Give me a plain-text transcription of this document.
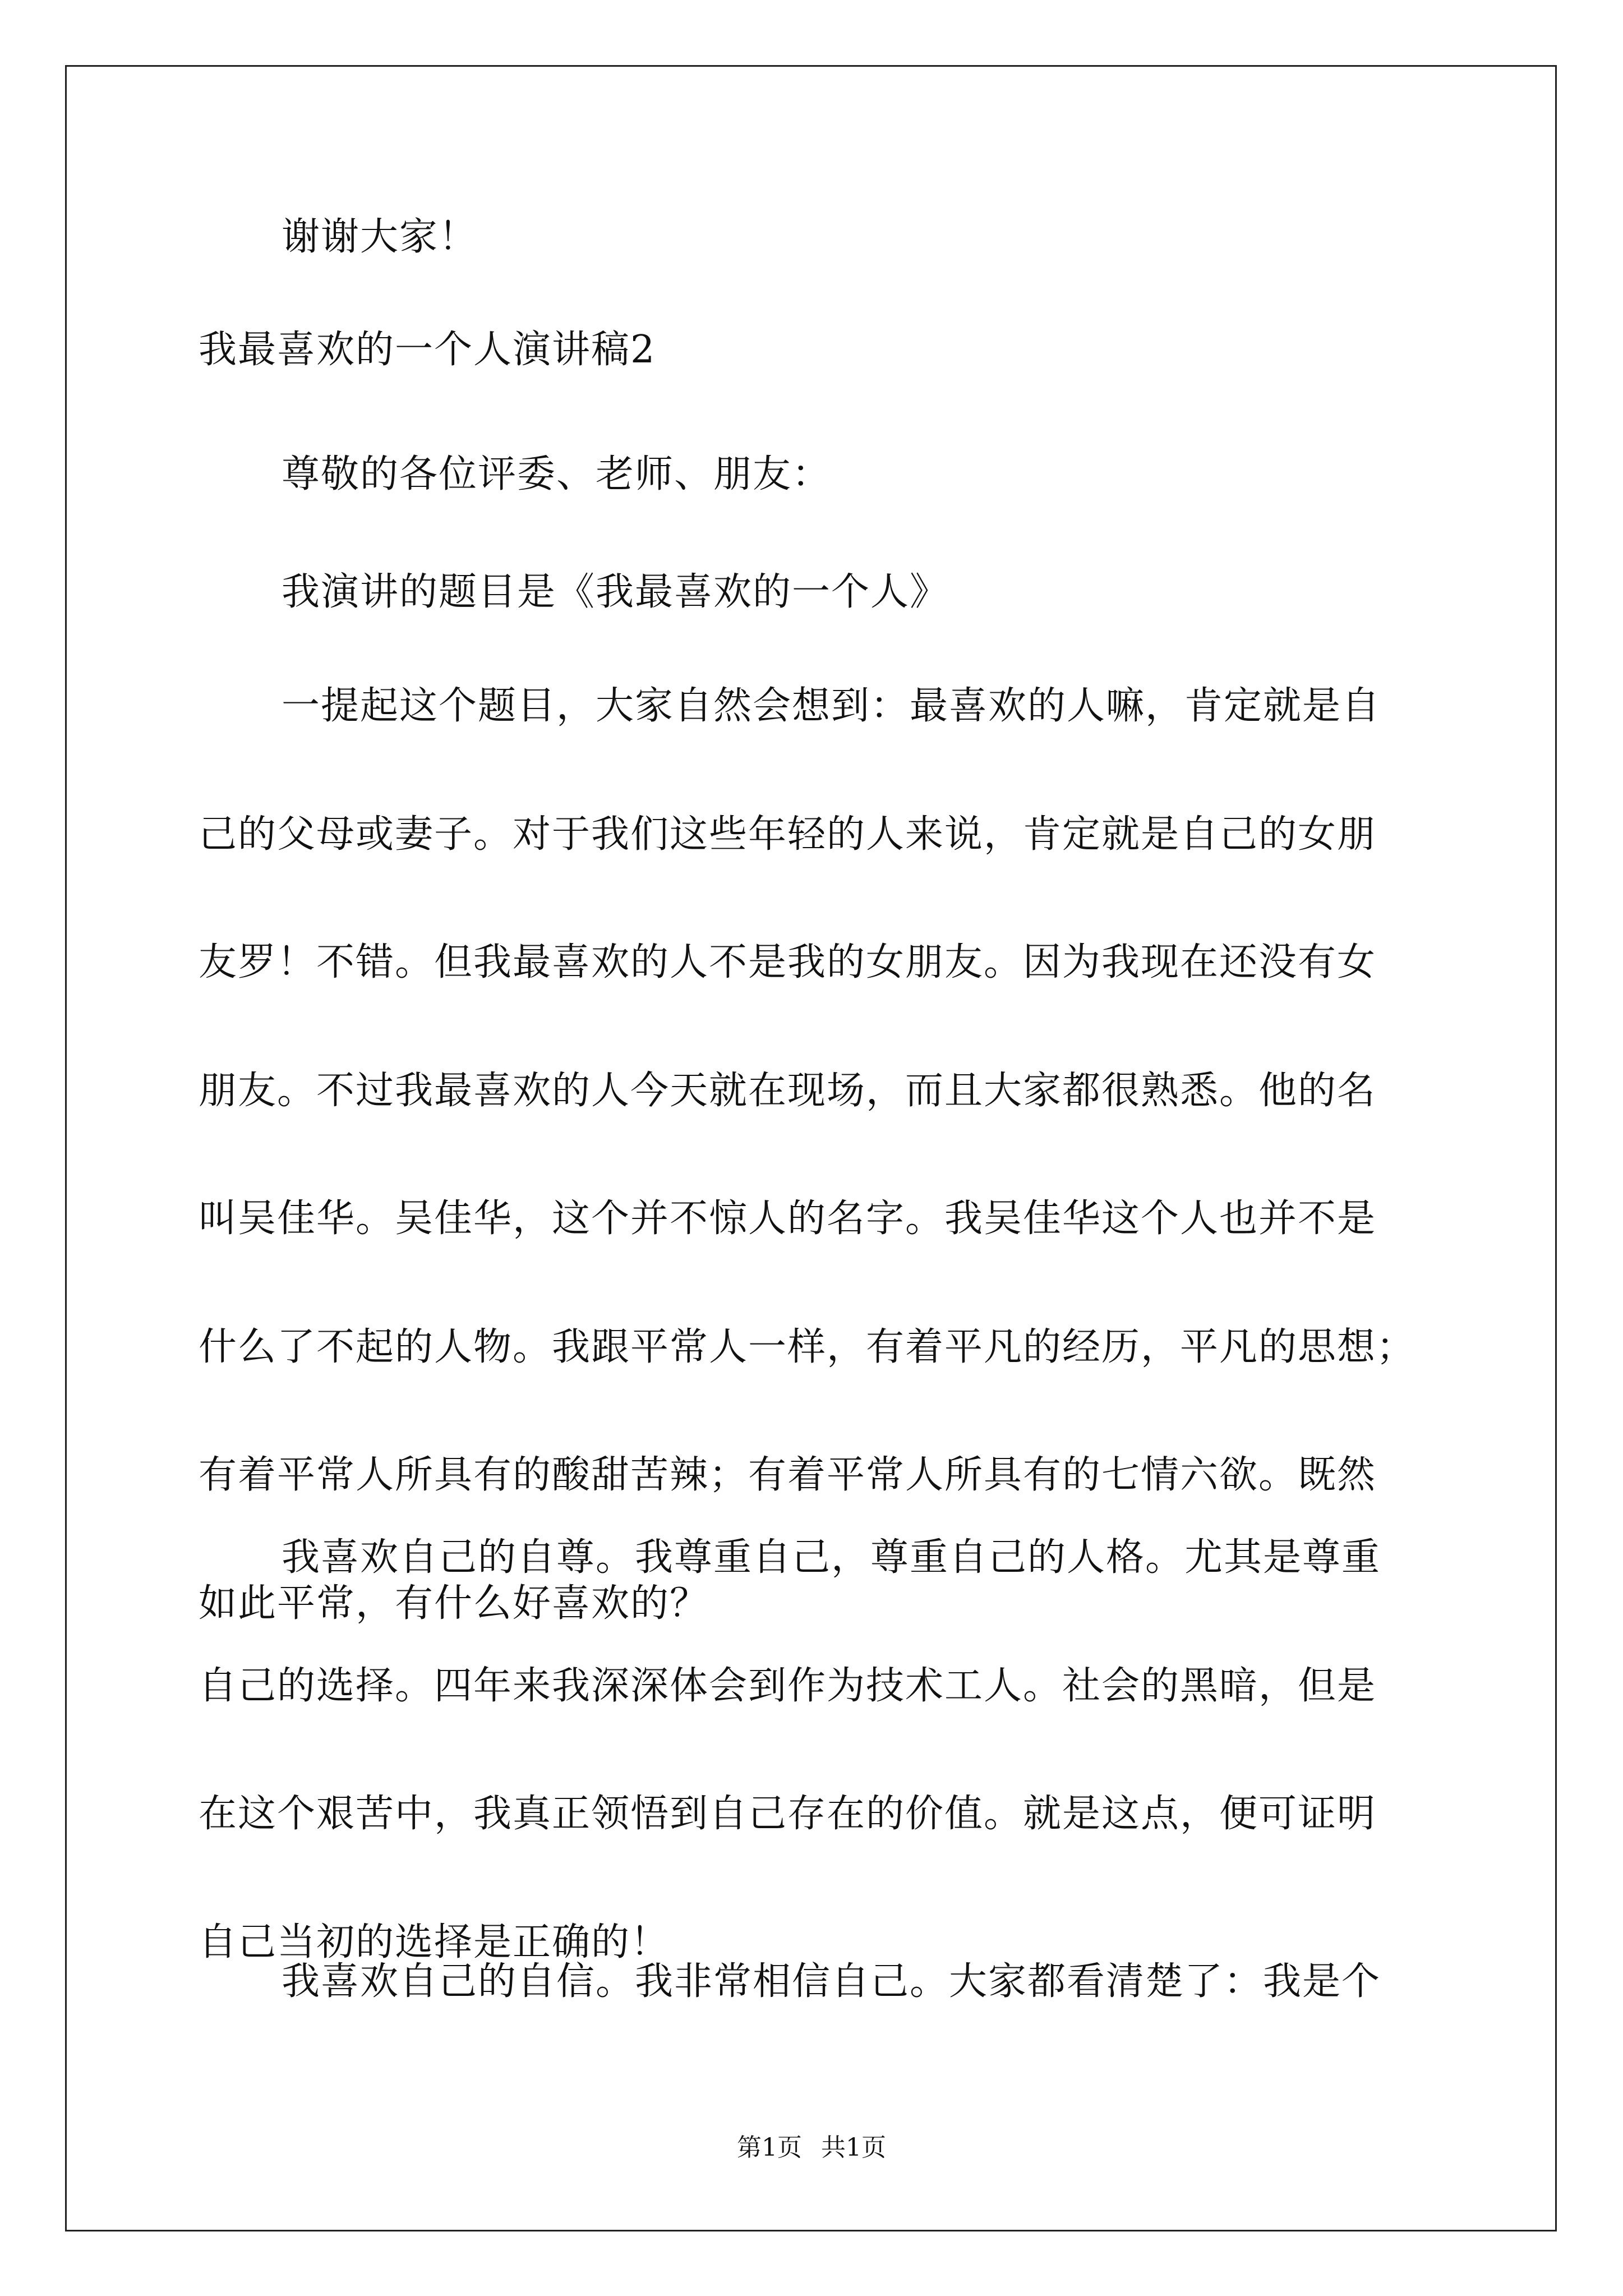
谢谢大家！
我最喜欢的一个人演讲稿2
尊敬的各位评委、老师、朋友：
我演讲的题目是《我最喜欢的一个人》
一提起这个题目，大家自然会想到：最喜欢的人嘛，肯定就是自
己的父母或妻子。对于我们这些年轻的人来说，肯定就是自己的女朋
友罗！不错。但我最喜欢的人不是我的女朋友。因为我现在还没有女
朋友。不过我最喜欢的人今天就在现场，而且大家都很熟悉。他的名
叫吴佳华。吴佳华，这个并不惊人的名字。我吴佳华这个人也并不是
什么了不起的人物。我跟平常人一样，有着平凡的经历，平凡的思想；
有着平常人所具有的酸甜苦辣；有着平常人所具有的七情六欲。既然
如此平常，有什么好喜欢的？
我喜欢自己的自尊。我尊重自己，尊重自己的人格。尤其是尊重
自己的选择。四年来我深深体会到作为技术工人。社会的黑暗，但是
在这个艰苦中，我真正领悟到自己存在的价值。就是这点，便可证明
自己当初的选择是正确的！
我喜欢自己的自信。我非常相信自己。大家都看清楚了：我是个
第1页 共1页
